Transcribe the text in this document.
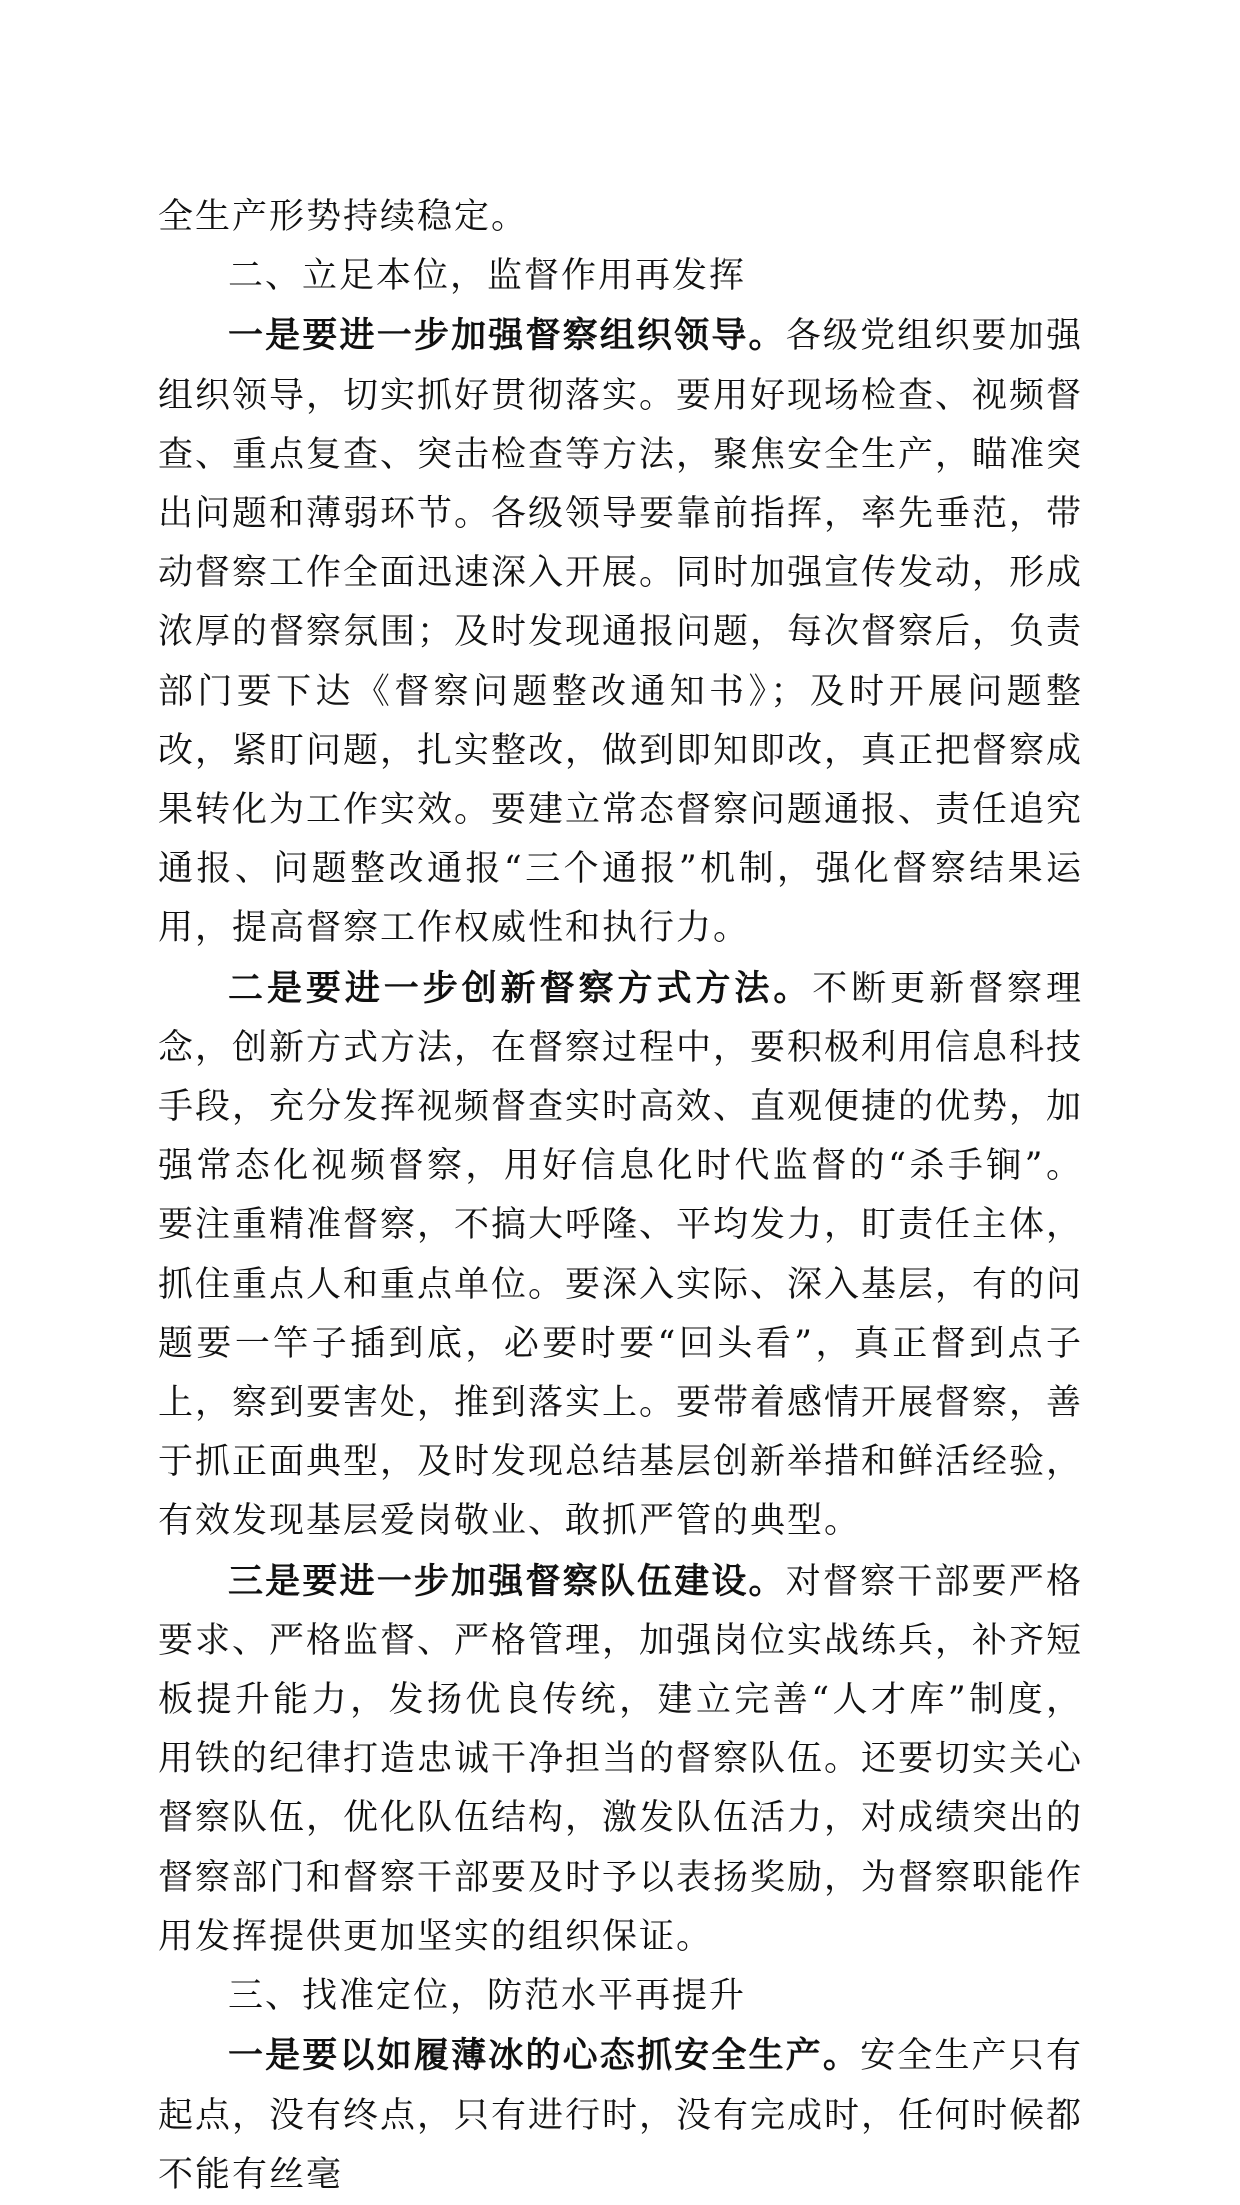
全生产形势持续稳定。

二、立足本位，监督作用再发挥

一是要进一步加强督察组织领导。各级党组织要加强组织领导，切实抓好贯彻落实。要用好现场检查、视频督查、重点复查、突击检查等方法，聚焦安全生产，瞄准突出问题和薄弱环节。各级领导要靠前指挥，率先垂范，带动督察工作全面迅速深入开展。同时加强宣传发动，形成浓厚的督察氛围；及时发现通报问题，每次督察后，负责部门要下达《督察问题整改通知书》；及时开展问题整改，紧盯问题，扎实整改，做到即知即改，真正把督察成果转化为工作实效。要建立常态督察问题通报、责任追究通报、问题整改通报“三个通报”机制，强化督察结果运用，提高督察工作权威性和执行力。

二是要进一步创新督察方式方法。不断更新督察理念，创新方式方法，在督察过程中，要积极利用信息科技手段，充分发挥视频督查实时高效、直观便捷的优势，加强常态化视频督察，用好信息化时代监督的“杀手锏”。要注重精准督察，不搞大呼隆、平均发力，盯责任主体，抓住重点人和重点单位。要深入实际、深入基层，有的问题要一竿子插到底，必要时要“回头看”，真正督到点子上，察到要害处，推到落实上。要带着感情开展督察，善于抓正面典型，及时发现总结基层创新举措和鲜活经验，有效发现基层爱岗敬业、敢抓严管的典型。

三是要进一步加强督察队伍建设。对督察干部要严格要求、严格监督、严格管理，加强岗位实战练兵，补齐短板提升能力，发扬优良传统，建立完善“人才库”制度，用铁的纪律打造忠诚干净担当的督察队伍。还要切实关心督察队伍，优化队伍结构，激发队伍活力，对成绩突出的督察部门和督察干部要及时予以表扬奖励，为督察职能作用发挥提供更加坚实的组织保证。

三、找准定位，防范水平再提升

一是要以如履薄冰的心态抓安全生产。安全生产只有起点，没有终点，只有进行时，没有完成时，任何时候都不能有丝毫
